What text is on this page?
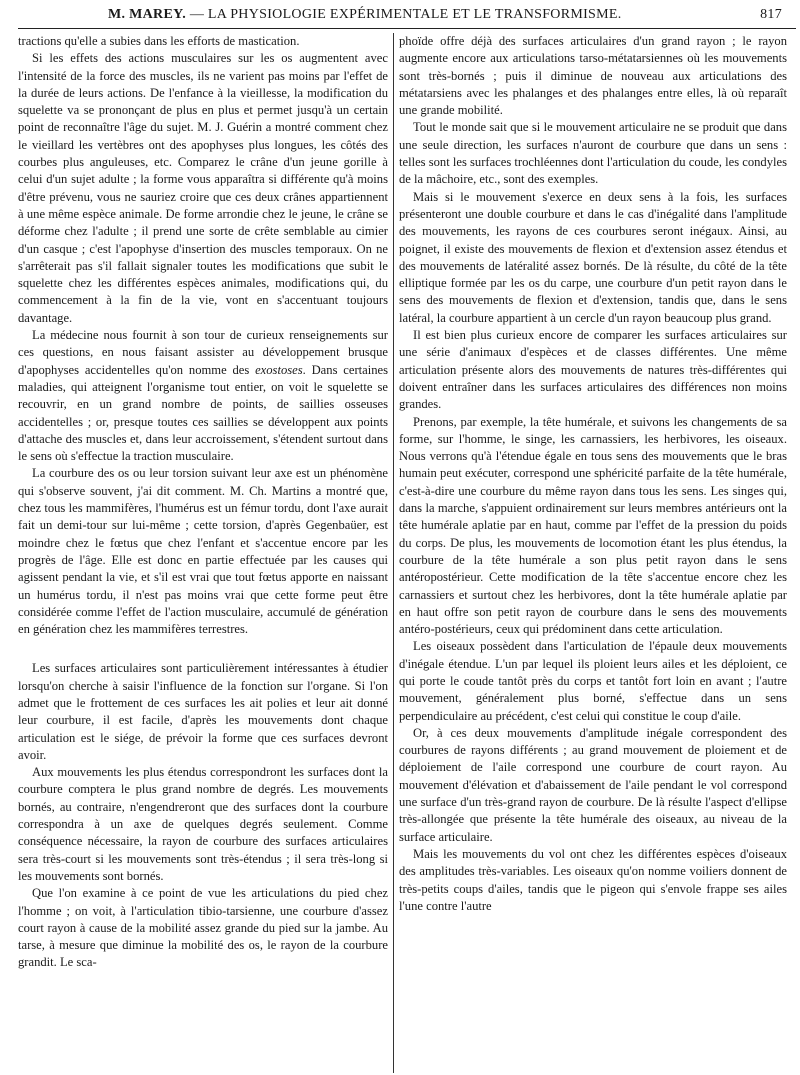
M. MAREY. — LA PHYSIOLOGIE EXPÉRIMENTALE ET LE TRANSFORMISME.	817

tractions qu'elle a subies dans les efforts de mastication.

Si les effets des actions musculaires sur les os augmentent avec l'intensité de la force des muscles, ils ne varient pas moins par l'effet de la durée de leurs actions. De l'enfance à la vieillesse, la modification du squelette va se prononçant de plus en plus et permet jusqu'à un certain point de reconnaître l'âge du sujet. M. J. Guérin a montré comment chez le vieillard les vertèbres ont des apophyses plus longues, les côtés des courbes plus anguleuses, etc. Comparez le crâne d'un jeune gorille à celui d'un sujet adulte ; la forme vous apparaîtra si différente qu'à moins d'être prévenu, vous ne sauriez croire que ces deux crânes appartiennent à une même espèce animale. De forme arrondie chez le jeune, le crâne se déforme chez l'adulte ; il prend une sorte de crête semblable au cimier d'un casque ; c'est l'apophyse d'insertion des muscles temporaux. On ne s'arrêterait pas s'il fallait signaler toutes les modifications que subit le squelette chez les différentes espèces animales, modifications qui, du commencement à la fin de la vie, vont en s'accentuant toujours davantage.

La médecine nous fournit à son tour de curieux renseignements sur ces questions, en nous faisant assister au développement brusque d'apophyses accidentelles qu'on nomme des exostoses. Dans certaines maladies, qui atteignent l'organisme tout entier, on voit le squelette se recouvrir, en un grand nombre de points, de saillies osseuses accidentelles ; or, presque toutes ces saillies se développent aux points d'attache des muscles et, dans leur accroissement, s'étendent surtout dans le sens où s'effectue la traction musculaire.

La courbure des os ou leur torsion suivant leur axe est un phénomène qui s'observe souvent, j'ai dit comment. M. Ch. Martins a montré que, chez tous les mammifères, l'humérus est un fémur tordu, dont l'axe aurait fait un demi-tour sur lui-même ; cette torsion, d'après Gegenbaüer, est moindre chez le fœtus que chez l'enfant et s'accentue encore par les progrès de l'âge. Elle est donc en partie effectuée par les causes qui agissent pendant la vie, et s'il est vrai que tout fœtus apporte en naissant un humérus tordu, il n'est pas moins vrai que cette forme peut être considérée comme l'effet de l'action musculaire, accumulé de génération en génération chez les mammifères terrestres.

Les surfaces articulaires sont particulièrement intéressantes à étudier lorsqu'on cherche à saisir l'influence de la fonction sur l'organe. Si l'on admet que le frottement de ces surfaces les ait polies et leur ait donné leur courbure, il est facile, d'après les mouvements dont chaque articulation est le siége, de prévoir la forme que ces surfaces devront avoir.

Aux mouvements les plus étendus correspondront les surfaces dont la courbure comptera le plus grand nombre de degrés. Les mouvements bornés, au contraire, n'engendreront que des surfaces dont la courbure correspondra à un axe de quelques degrés seulement. Comme conséquence nécessaire, la rayon de courbure des surfaces articulaires sera très-court si les mouvements sont très-étendus ; il sera très-long si les mouvements sont bornés.

Que l'on examine à ce point de vue les articulations du pied chez l'homme ; on voit, à l'articulation tibio-tarsienne, une courbure d'assez court rayon à cause de la mobilité assez grande du pied sur la jambe. Au tarse, à mesure que diminue la mobilité des os, le rayon de la courbure grandit. Le sca-

phoïde offre déjà des surfaces articulaires d'un grand rayon ; le rayon augmente encore aux articulations tarso-métatarsiennes où les mouvements sont très-bornés ; puis il diminue de nouveau aux articulations des métatarsiens avec les phalanges et des phalanges entre elles, là où reparaît une grande mobilité.

Tout le monde sait que si le mouvement articulaire ne se produit que dans une seule direction, les surfaces n'auront de courbure que dans un sens : telles sont les surfaces trochléennes dont l'articulation du coude, les condyles de la mâchoire, etc., sont des exemples.

Mais si le mouvement s'exerce en deux sens à la fois, les surfaces présenteront une double courbure et dans le cas d'inégalité dans l'amplitude des mouvements, les rayons de ces courbures seront inégaux. Ainsi, au poignet, il existe des mouvements de flexion et d'extension assez étendus et des mouvements de latéralité assez bornés. De là résulte, du côté de la tête elliptique formée par les os du carpe, une courbure d'un petit rayon dans le sens des mouvements de flexion et d'extension, tandis que, dans le sens latéral, la courbure appartient à un cercle d'un rayon beaucoup plus grand.

Il est bien plus curieux encore de comparer les surfaces articulaires sur une série d'animaux d'espèces et de classes différentes. Une même articulation présente alors des mouvements de natures très-différentes qui doivent entraîner dans les surfaces articulaires des différences non moins grandes.

Prenons, par exemple, la tête humérale, et suivons les changements de sa forme, sur l'homme, le singe, les carnassiers, les herbivores, les oiseaux. Nous verrons qu'à l'étendue égale en tous sens des mouvements que le bras humain peut exécuter, correspond une sphéricité parfaite de la tête humérale, c'est-à-dire une courbure du même rayon dans tous les sens. Les singes qui, dans la marche, s'appuient ordinairement sur leurs membres antérieurs ont la tête humérale aplatie par en haut, comme par l'effet de la pression du poids du corps. De plus, les mouvements de locomotion étant les plus étendus, la courbure de la tête humérale a son plus petit rayon dans le sens antéropostérieur. Cette modification de la tête s'accentue encore chez les carnassiers et surtout chez les herbivores, dont la tête humérale aplatie par en haut offre son petit rayon de courbure dans le sens des mouvements antéro-postérieurs, ceux qui prédominent dans cette articulation.

Les oiseaux possèdent dans l'articulation de l'épaule deux mouvements d'inégale étendue. L'un par lequel ils ploient leurs ailes et les déploient, ce qui porte le coude tantôt près du corps et tantôt fort loin en avant ; l'autre mouvement, généralement plus borné, s'effectue dans un sens perpendiculaire au précédent, c'est celui qui constitue le coup d'aile.

Or, à ces deux mouvements d'amplitude inégale correspondent des courbures de rayons différents ; au grand mouvement de ploiement et de déploiement de l'aile correspond une courbure de court rayon. Au mouvement d'élévation et d'abaissement de l'aile pendant le vol correspond une surface d'un très-grand rayon de courbure. De là résulte l'aspect d'ellipse très-allongée que présente la tête humérale des oiseaux, au niveau de la surface articulaire.

Mais les mouvements du vol ont chez les différentes espèces d'oiseaux des amplitudes très-variables. Les oiseaux qu'on nomme voiliers donnent de très-petits coups d'ailes, tandis que le pigeon qui s'envole frappe ses ailes l'une contre l'autre
